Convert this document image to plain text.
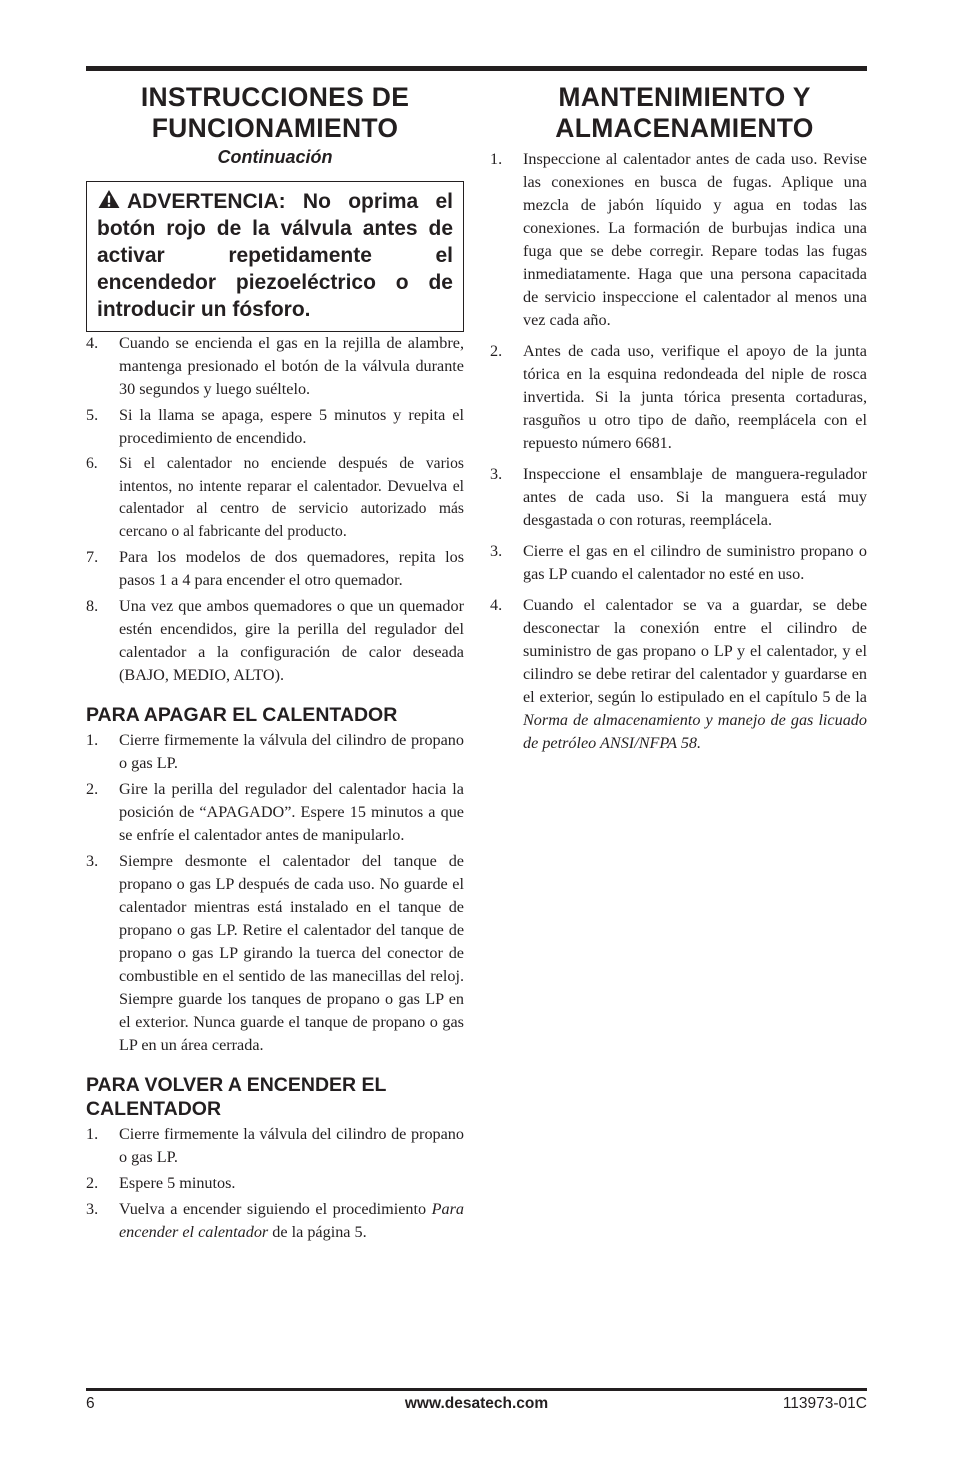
INSTRUCCIONES DE
FUNCIONAMIENTO
Continuación
ADVERTENCIA: No oprima el botón rojo de la válvula antes de activar repetidamente el encendedor piezoeléctrico o de introducir un fósforo.
4. Cuando se encienda el gas en la rejilla de alambre, mantenga presionado el botón de la válvula durante 30 segundos y luego suéltelo.
5. Si la llama se apaga, espere 5 minutos y repita el procedimiento de encendido.
6. Si el calentador no enciende después de varios intentos, no intente reparar el calentador. Devuelva el calentador al centro de servicio autorizado más cercano o al fabricante del producto.
7. Para los modelos de dos quemadores, repita los pasos 1 a 4 para encender el otro quemador.
8. Una vez que ambos quemadores o que un quemador estén encendidos, gire la perilla del regulador del calentador a la configuración de calor deseada (BAJO, MEDIO, ALTO).
PARA APAGAR EL CALENTADOR
1. Cierre firmemente la válvula del cilindro de propano o gas LP.
2. Gire la perilla del regulador del calentador hacia la posición de “APAGADO”. Espere 15 minutos a que se enfríe el calentador antes de manipularlo.
3. Siempre desmonte el calentador del tanque de propano o gas LP después de cada uso. No guarde el calentador mientras está instalado en el tanque de propano o gas LP. Retire el calentador del tanque de propano o gas LP girando la tuerca del conector de combustible en el sentido de las manecillas del reloj. Siempre guarde los tanques de propano o gas LP en el exterior. Nunca guarde el tanque de propano o gas LP en un área cerrada.
PARA VOLVER A ENCENDER EL CALENTADOR
1. Cierre firmemente la válvula del cilindro de propano o gas LP.
2. Espere 5 minutos.
3. Vuelva a encender siguiendo el procedimiento Para encender el calentador de la página 5.
MANTENIMIENTO Y
ALMACENAMIENTO
1. Inspeccione al calentador antes de cada uso. Revise las conexiones en busca de fugas. Aplique una mezcla de jabón líquido y agua en todas las conexiones. La formación de burbujas indica una fuga que se debe corregir. Repare todas las fugas inmediatamente. Haga que una persona capacitada de servicio inspeccione el calentador al menos una vez cada año.
2. Antes de cada uso, verifique el apoyo de la junta tórica en la esquina redondeada del niple de rosca invertida. Si la junta tórica presenta cortaduras, rasguños u otro tipo de daño, reemplácela con el repuesto número 6681.
3. Inspeccione el ensamblaje de manguera-regulador antes de cada uso. Si la manguera está muy desgastada o con roturas, reemplácela.
3. Cierre el gas en el cilindro de suministro propano o gas LP cuando el calentador no esté en uso.
4. Cuando el calentador se va a guardar, se debe desconectar la conexión entre el cilindro de suministro de gas propano o LP y el calentador, y el cilindro se debe retirar del calentador y guardarse en el exterior, según lo estipulado en el capítulo 5 de la Norma de almacenamiento y manejo de gas licuado de petróleo ANSI/NFPA 58.
6	www.desatech.com	113973-01C
